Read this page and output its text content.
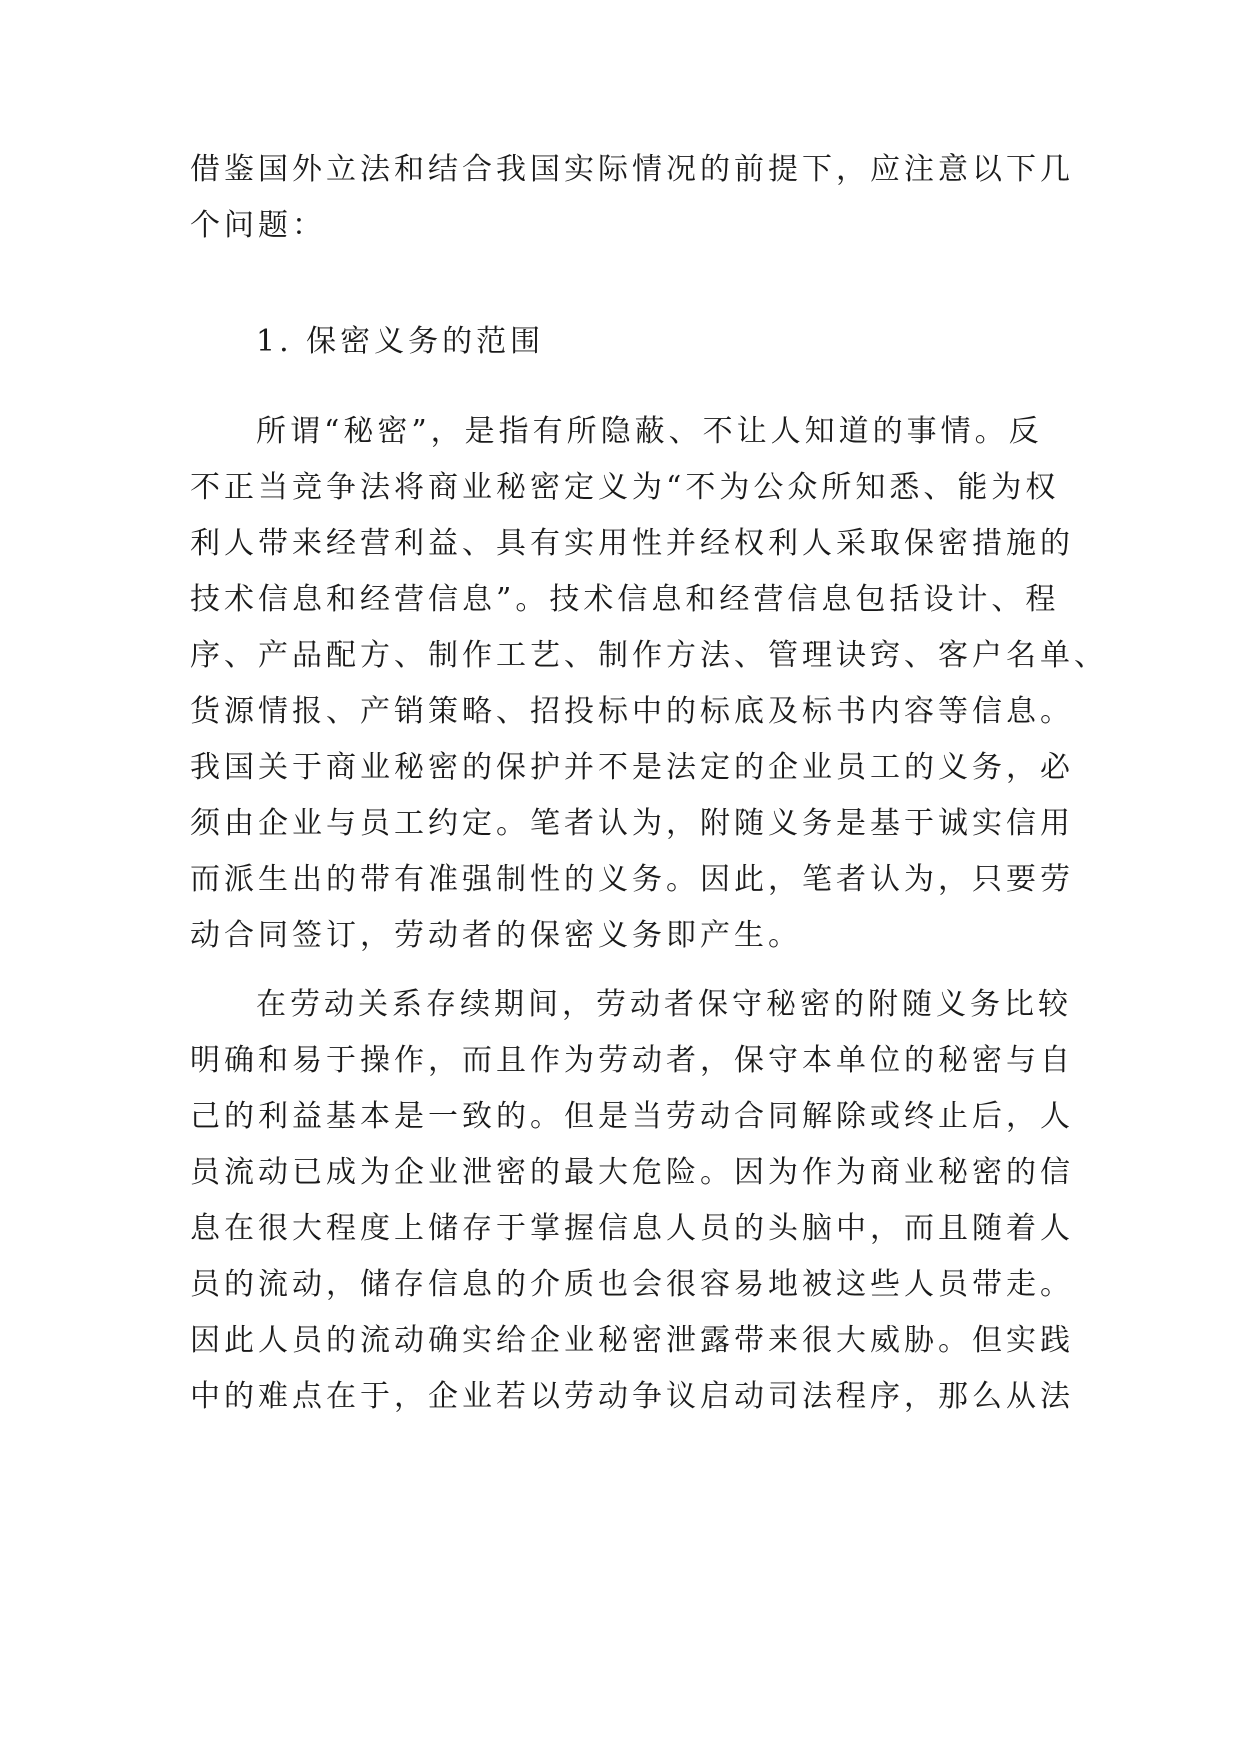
借鉴国外立法和结合我国实际情况的前提下，应注意以下几
个问题：
1. 保密义务的范围
所谓“秘密”，是指有所隐蔽、不让人知道的事情。反
不正当竞争法将商业秘密定义为“不为公众所知悉、能为权
利人带来经营利益、具有实用性并经权利人采取保密措施的
技术信息和经营信息”。技术信息和经营信息包括设计、程
序、产品配方、制作工艺、制作方法、管理诀窍、客户名单、
货源情报、产销策略、招投标中的标底及标书内容等信息。
我国关于商业秘密的保护并不是法定的企业员工的义务，必
须由企业与员工约定。笔者认为，附随义务是基于诚实信用
而派生出的带有准强制性的义务。因此，笔者认为，只要劳
动合同签订，劳动者的保密义务即产生。
在劳动关系存续期间，劳动者保守秘密的附随义务比较
明确和易于操作，而且作为劳动者，保守本单位的秘密与自
己的利益基本是一致的。但是当劳动合同解除或终止后，人
员流动已成为企业泄密的最大危险。因为作为商业秘密的信
息在很大程度上储存于掌握信息人员的头脑中，而且随着人
员的流动，储存信息的介质也会很容易地被这些人员带走。
因此人员的流动确实给企业秘密泄露带来很大威胁。但实践
中的难点在于，企业若以劳动争议启动司法程序，那么从法
